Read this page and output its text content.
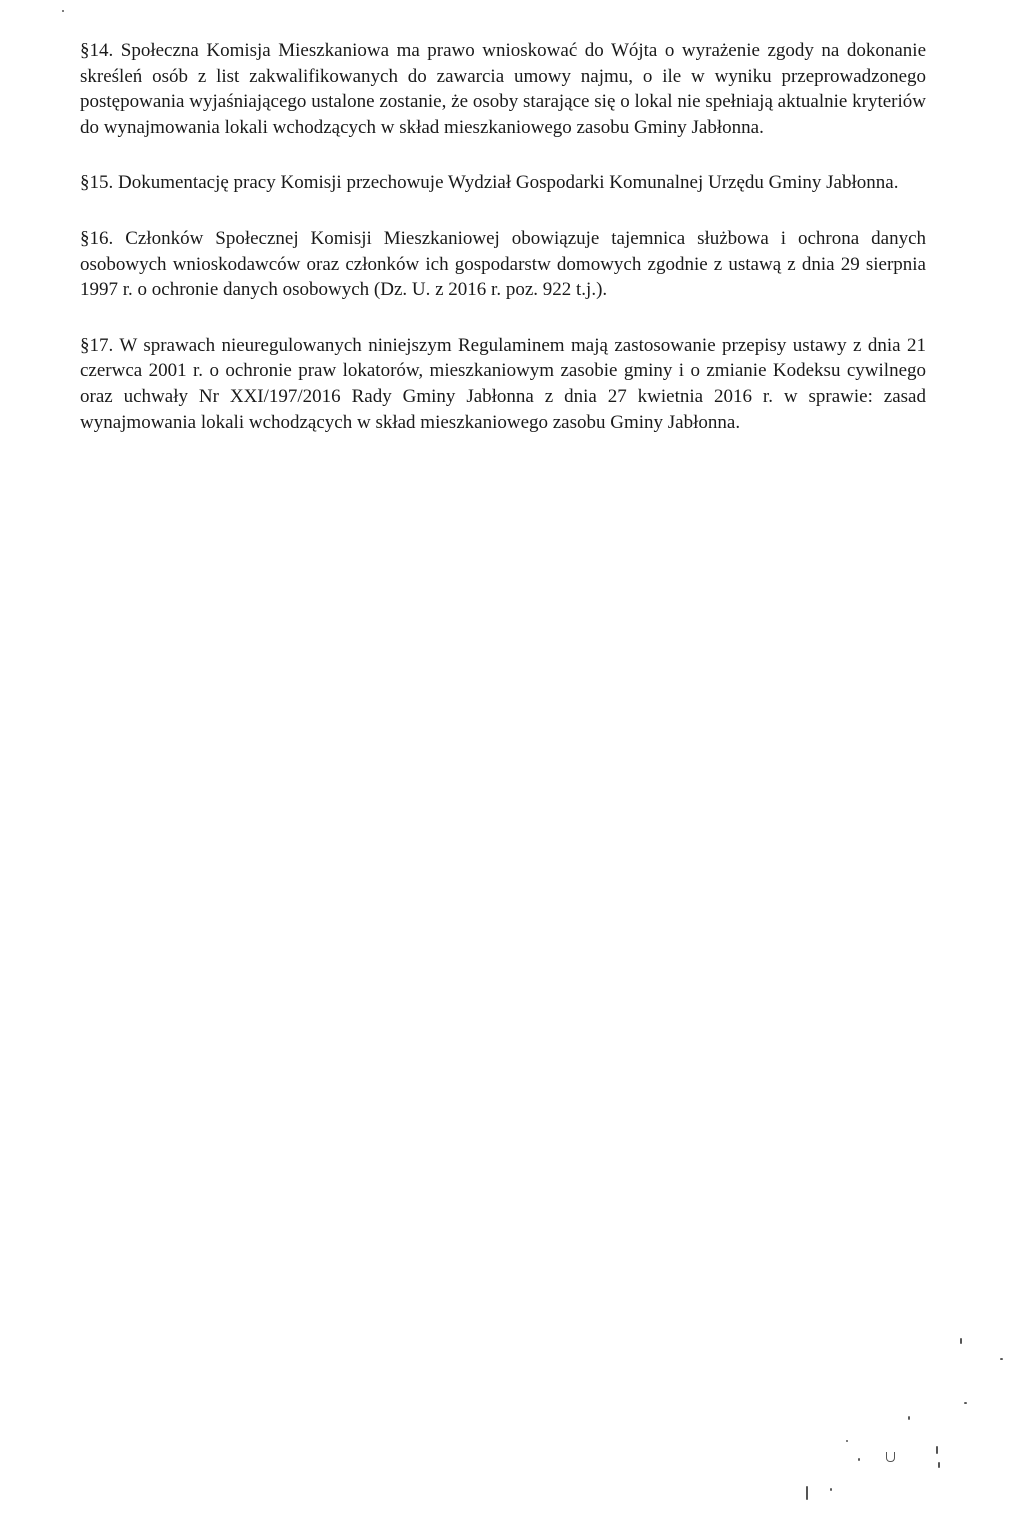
§14. Społeczna Komisja Mieszkaniowa ma prawo wnioskować do Wójta o wyrażenie zgody na dokonanie skreśleń osób z list zakwalifikowanych do zawarcia umowy najmu, o ile w wyniku przeprowadzonego postępowania wyjaśniającego ustalone zostanie, że osoby starające się o lokal nie spełniają aktualnie kryteriów do wynajmowania lokali wchodzących w skład mieszkaniowego zasobu Gminy Jabłonna.

§15. Dokumentację pracy Komisji przechowuje Wydział Gospodarki Komunalnej Urzędu Gminy Jabłonna.

§16. Członków Społecznej Komisji Mieszkaniowej obowiązuje tajemnica służbowa i ochrona danych osobowych wnioskodawców oraz członków ich gospodarstw domowych zgodnie z ustawą z dnia 29 sierpnia 1997 r. o ochronie danych osobowych (Dz. U. z 2016 r. poz. 922 t.j.).

§17. W sprawach nieuregulowanych niniejszym Regulaminem mają zastosowanie przepisy ustawy z dnia 21 czerwca 2001 r. o ochronie praw lokatorów, mieszkaniowym zasobie gminy i o zmianie Kodeksu cywilnego oraz uchwały Nr XXI/197/2016 Rady Gminy Jabłonna z dnia 27 kwietnia 2016 r. w sprawie: zasad wynajmowania lokali wchodzących w skład mieszkaniowego zasobu Gminy Jabłonna.
